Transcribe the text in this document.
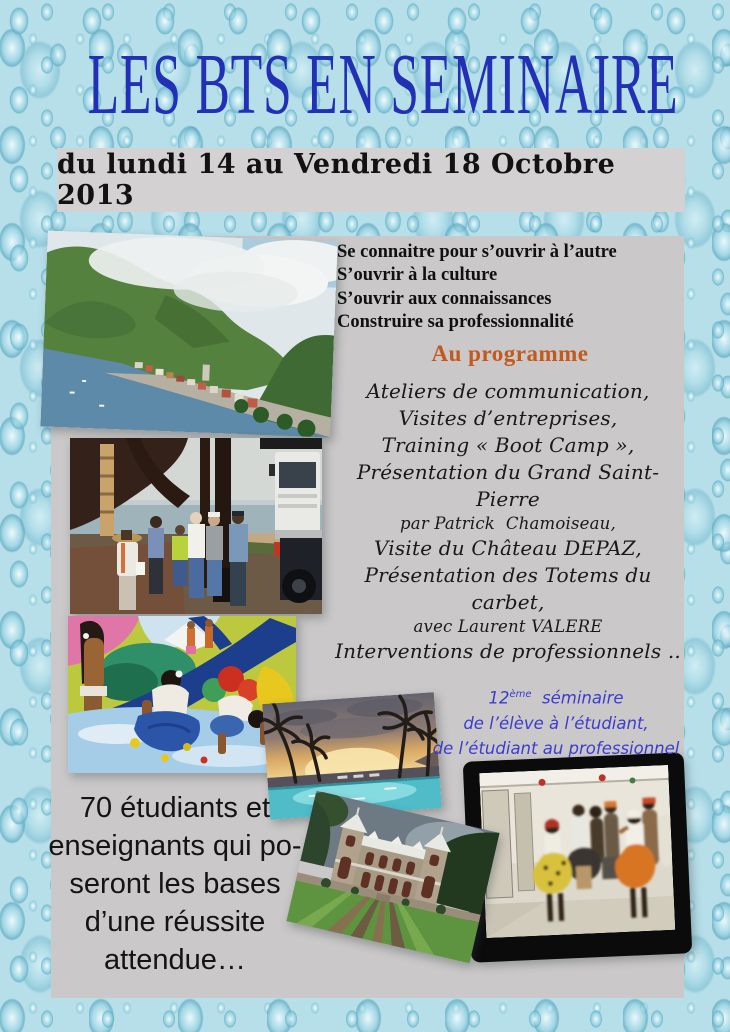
LES BTS EN SEMINAIRE
du lundi 14 au Vendredi 18 Octobre 2013
Se connaitre pour s’ouvrir à l’autre
S’ouvrir à la culture
S’ouvrir aux connaissances
Construire sa professionnalité
Au programme
Ateliers de communication,
Visites d’entreprises,
Training « Boot Camp »,
Présentation du Grand Saint-Pierre
par Patrick  Chamoiseau,
Visite du Château DEPAZ,
Présentation des Totems du carbet,
avec Laurent VALERE
Interventions de professionnels ..
12ème  séminaire
de l’élève à l’étudiant,
de l’étudiant au professionnel
70 étudiants et
enseignants qui po-
seront les bases
d’une réussite
attendue…
